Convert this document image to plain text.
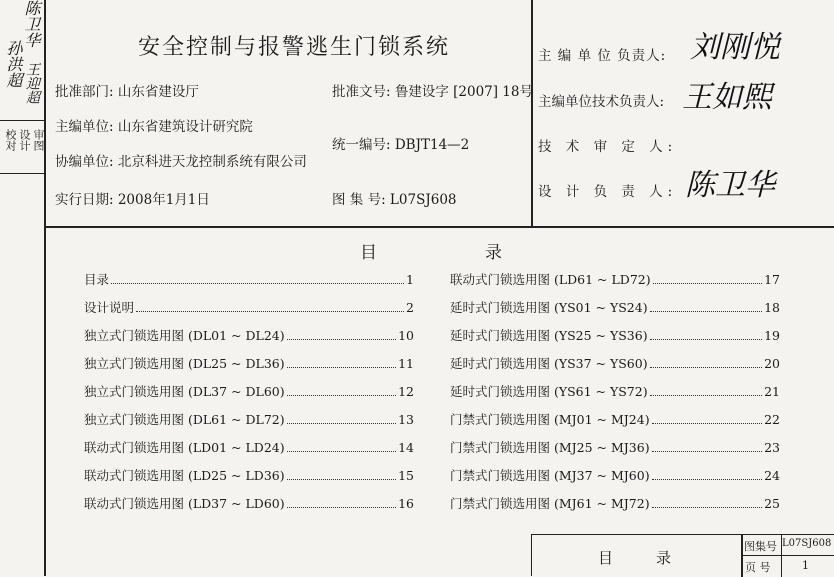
孙洪超
陈卫华
王迎超
校对 设计 审图
安全控制与报警逃生门锁系统
批准部门: 山东省建设厅	批准文号: 鲁建设字 [2007] 18号
主编单位: 山东省建筑设计研究院
统一编号: DBJT14—2
协编单位: 北京科进天龙控制系统有限公司
实行日期: 2008年1月1日	图 集 号: L07SJ608
主 编 单 位 负责人: 刘刚悦
主编单位技术负责人: 王如熙
技 术 审 定 人:
设 计 负 责 人: 陈卫华
目	录
目录	1
设计说明	2
独立式门锁选用图 (DL01 ~ DL24)	10
独立式门锁选用图 (DL25 ~ DL36)	11
独立式门锁选用图 (DL37 ~ DL60)	12
独立式门锁选用图 (DL61 ~ DL72)	13
联动式门锁选用图 (LD01 ~ LD24)	14
联动式门锁选用图 (LD25 ~ LD36)	15
联动式门锁选用图 (LD37 ~ LD60)	16
联动式门锁选用图 (LD61 ~ LD72)	17
延时式门锁选用图 (YS01 ~ YS24)	18
延时式门锁选用图 (YS25 ~ YS36)	19
延时式门锁选用图 (YS37 ~ YS60)	20
延时式门锁选用图 (YS61 ~ YS72)	21
门禁式门锁选用图 (MJ01 ~ MJ24)	22
门禁式门锁选用图 (MJ25 ~ MJ36)	23
门禁式门锁选用图 (MJ37 ~ MJ60)	24
门禁式门锁选用图 (MJ61 ~ MJ72)	25
目	录
图集号 L07SJ608
页 号	1
